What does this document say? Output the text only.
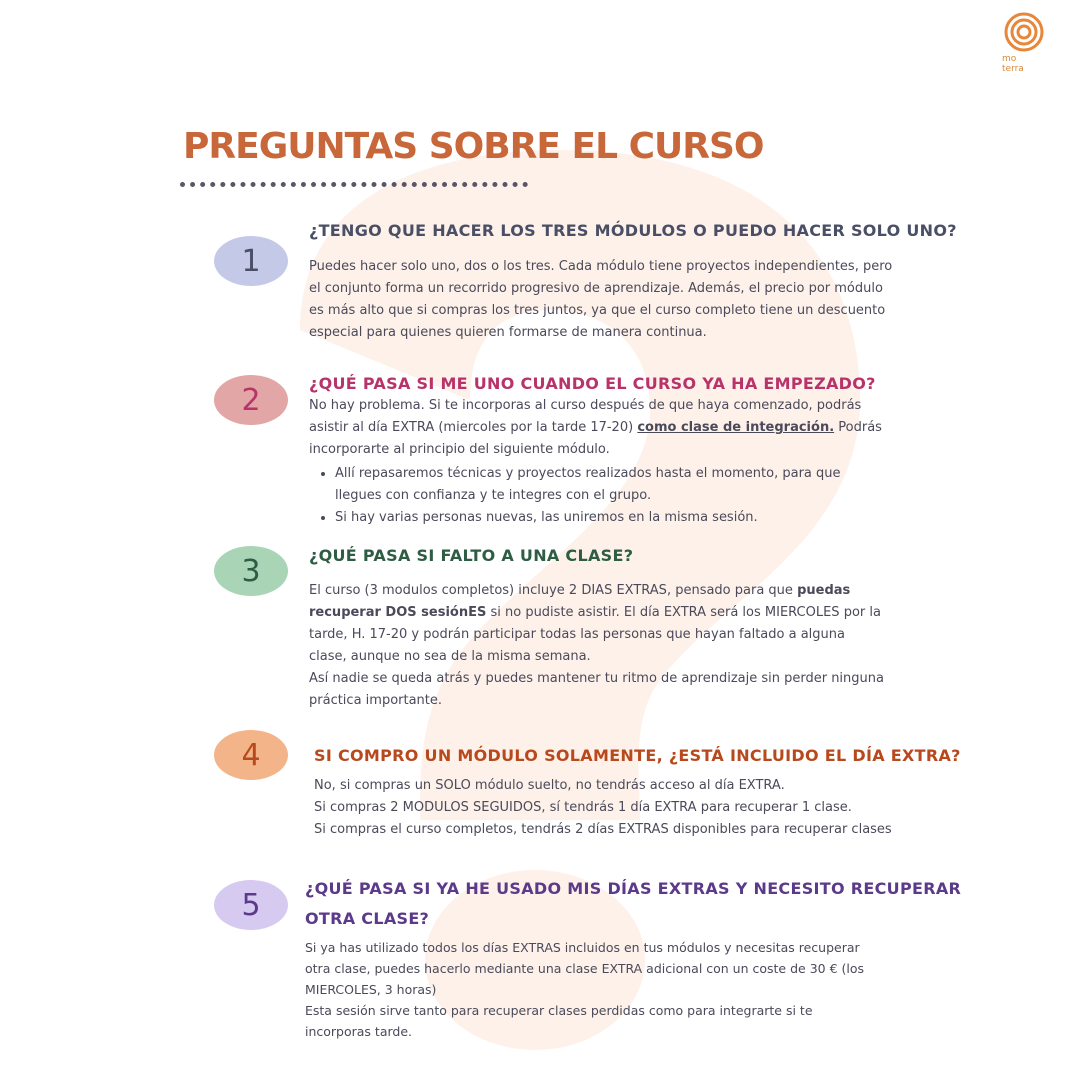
mo
terra
PREGUNTAS SOBRE EL CURSO
1
¿TENGO QUE HACER LOS TRES MÓDULOS O PUEDO HACER SOLO UNO?

Puedes hacer solo uno, dos o los tres. Cada módulo tiene proyectos independientes, pero

el conjunto forma un recorrido progresivo de aprendizaje. Además, el precio por módulo

es más alto que si compras los tres juntos, ya que el curso completo tiene un descuento

especial para quienes quieren formarse de manera continua.

2	¿QUÉ PASA SI ME UNO CUANDO EL CURSO YA HA EMPEZADO?

No hay problema. Si te incorporas al curso después de que haya comenzado, podrás

asistir al día EXTRA (miercoles por la tarde 17-20) como clase de integración. Podrás

incorporarte al principio del siguiente módulo.

• Allí repasaremos técnicas y proyectos realizados hasta el momento, para que llegues con confianza y te integres con el grupo.
• Si hay varias personas nuevas, las uniremos en la misma sesión.
3	¿QUÉ PASA SI FALTO A UNA CLASE?

El curso (3 modulos completos) incluye 2 DIAS EXTRAS, pensado para que puedas

recuperar DOS sesiónES si no pudiste asistir. El día EXTRA será los MIERCOLES por la

tarde, H. 17-20 y podrán participar todas las personas que hayan faltado a alguna

clase, aunque no sea de la misma semana.

Así nadie se queda atrás y puedes mantener tu ritmo de aprendizaje sin perder ninguna

práctica importante.

4	SI COMPRO UN MÓDULO SOLAMENTE, ¿ESTÁ INCLUIDO EL DÍA EXTRA?

No, si compras un SOLO módulo suelto, no tendrás acceso al día EXTRA.

Si compras 2 MODULOS SEGUIDOS, sí tendrás 1 día EXTRA para recuperar 1 clase.

Si compras el curso completos, tendrás 2 días EXTRAS disponibles para recuperar clases

5	¿QUÉ PASA SI YA HE USADO MIS DÍAS EXTRAS Y NECESITO RECUPERAR
OTRA CLASE?

Si ya has utilizado todos los días EXTRAS incluidos en tus módulos y necesitas recuperar

otra clase, puedes hacerlo mediante una clase EXTRA adicional con un coste de 30 € (los

MIERCOLES, 3 horas)

Esta sesión sirve tanto para recuperar clases perdidas como para integrarte si te

incorporas tarde.
